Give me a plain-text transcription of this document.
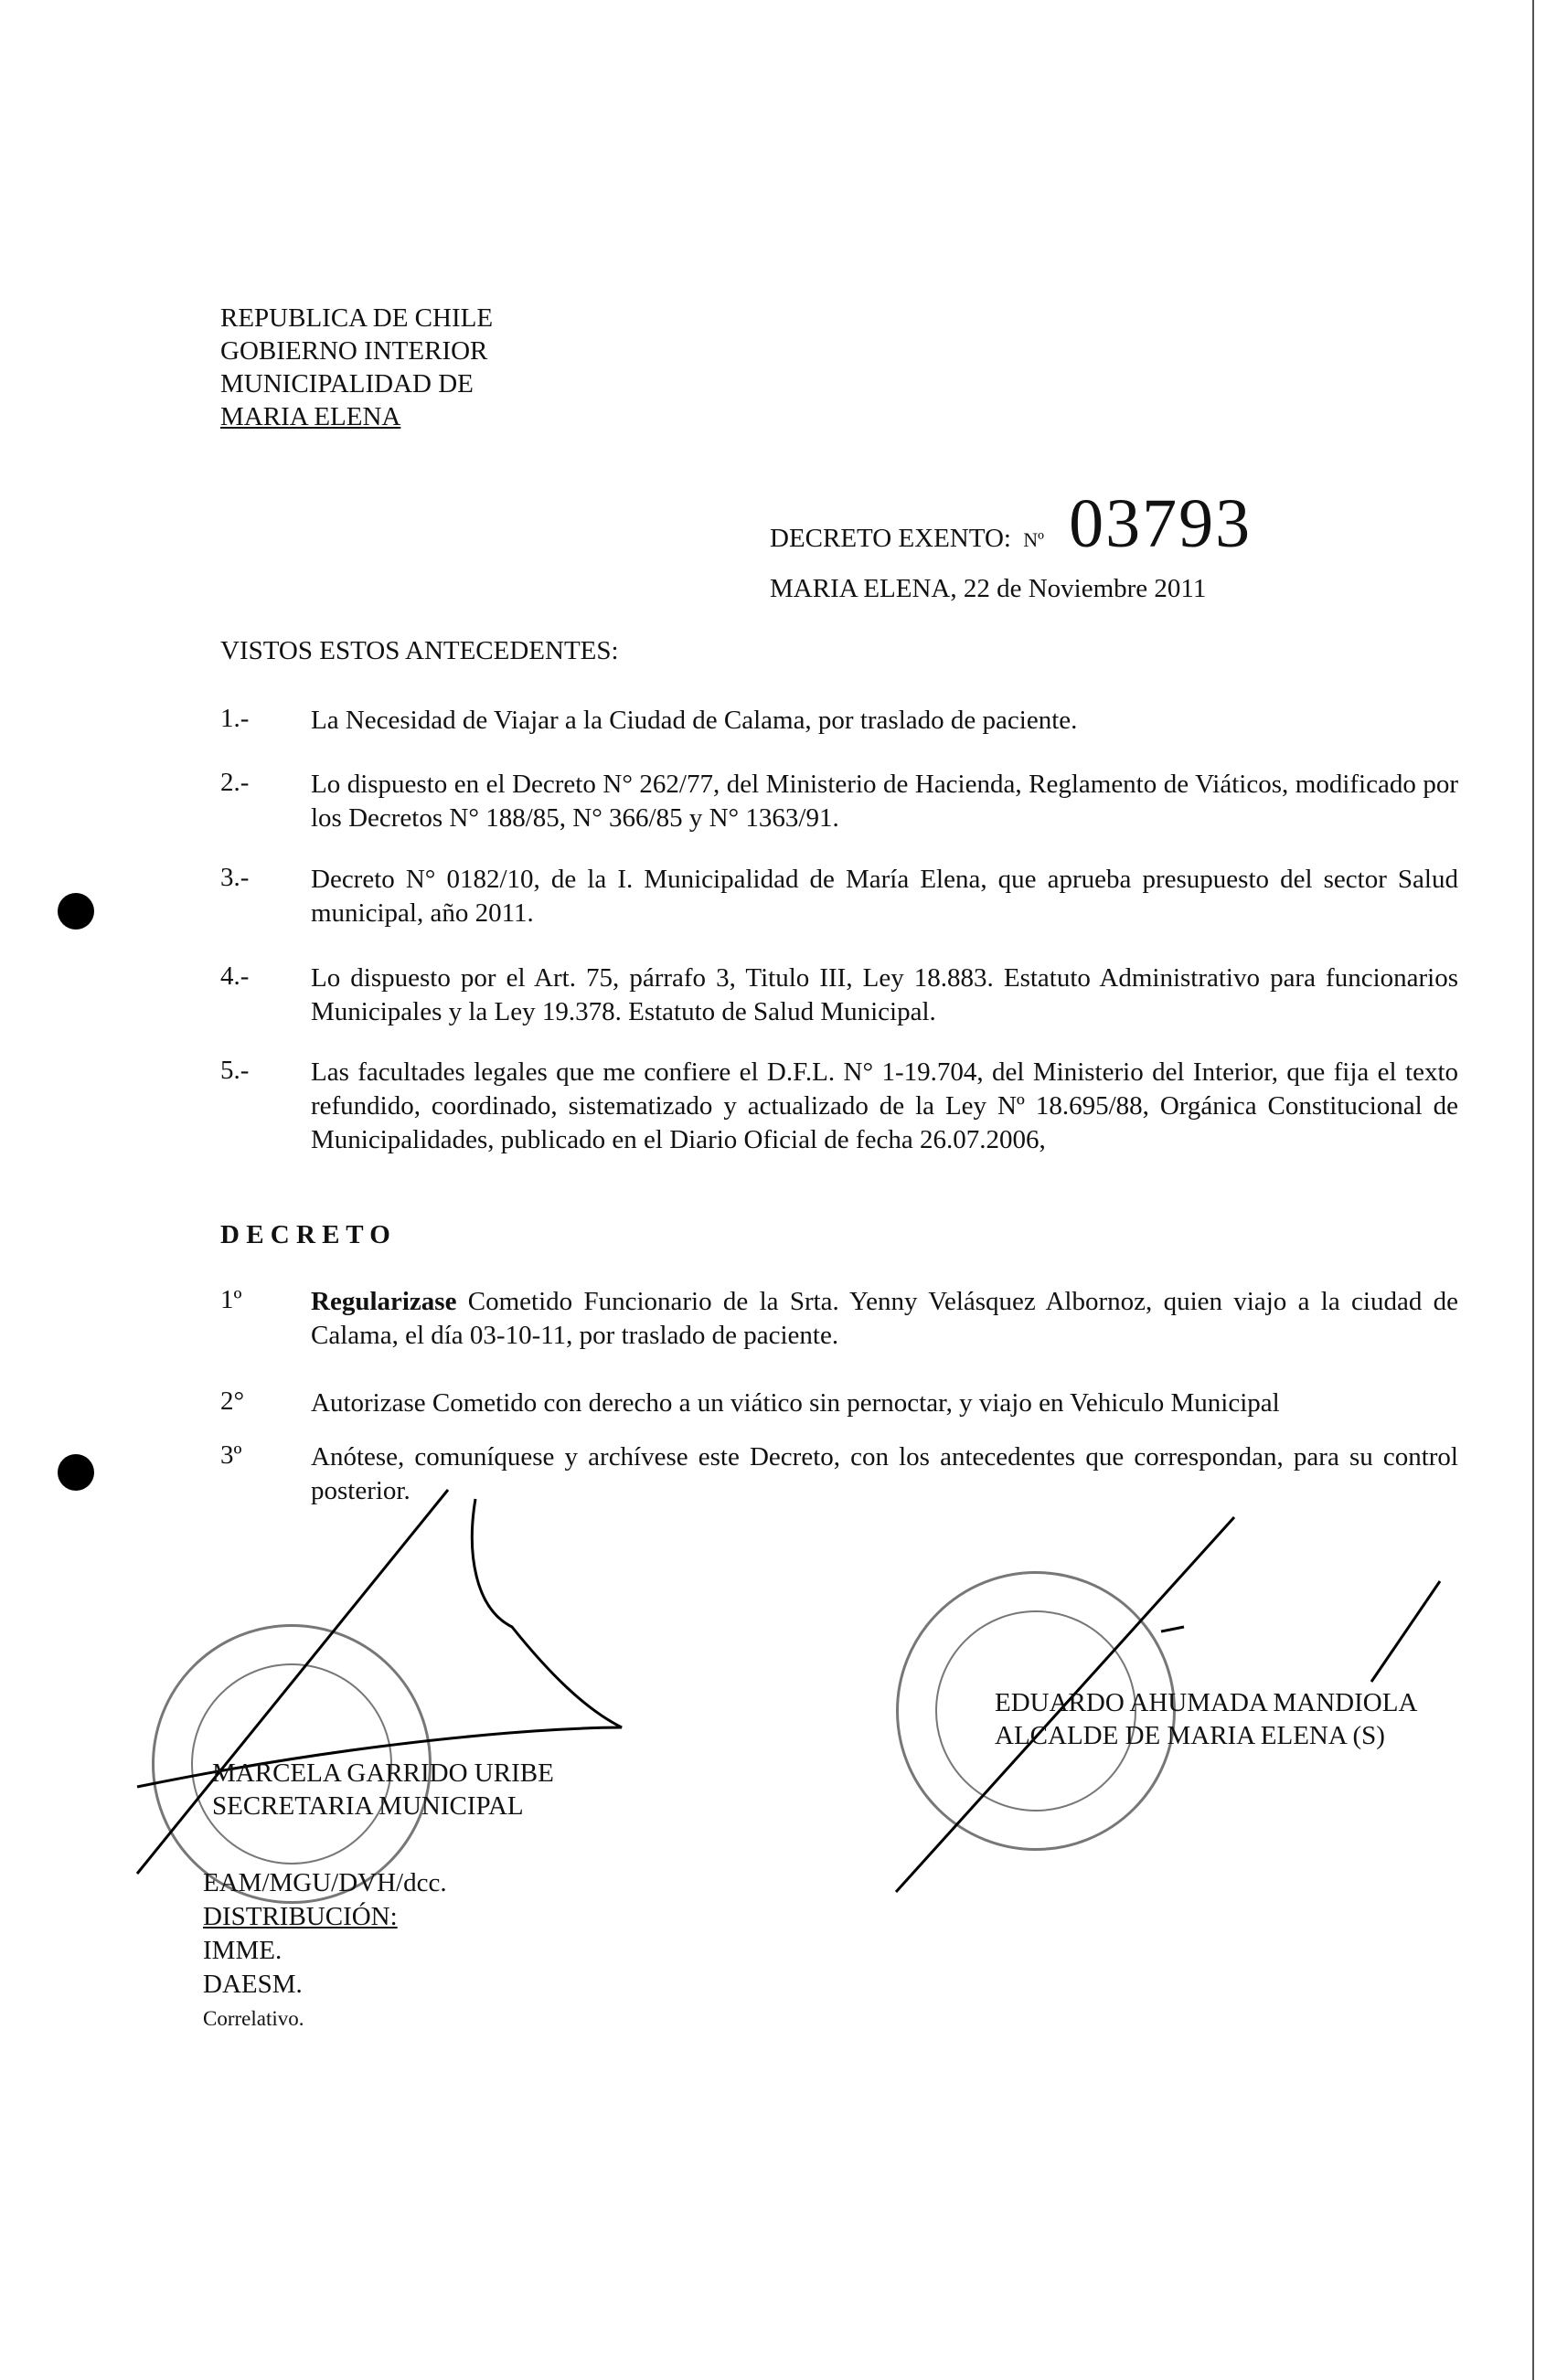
REPUBLICA DE CHILE
GOBIERNO INTERIOR
MUNICIPALIDAD DE
MARIA ELENA
DECRETO EXENTO: Nº 03793
MARIA ELENA, 22 de Noviembre 2011
VISTOS ESTOS ANTECEDENTES:
1.- La Necesidad de Viajar a la Ciudad de Calama, por traslado de paciente.
2.- Lo dispuesto en el Decreto N° 262/77, del Ministerio de Hacienda, Reglamento de Viáticos, modificado por los Decretos N° 188/85, N° 366/85 y N° 1363/91.
3.- Decreto N° 0182/10, de la I. Municipalidad de María Elena, que aprueba presupuesto del sector Salud municipal, año 2011.
4.- Lo dispuesto por el Art. 75, párrafo 3, Titulo III, Ley 18.883. Estatuto Administrativo para funcionarios Municipales y la Ley 19.378. Estatuto de Salud Municipal.
5.- Las facultades legales que me confiere el D.F.L. N° 1-19.704, del Ministerio del Interior, que fija el texto refundido, coordinado, sistematizado y actualizado de la Ley Nº 18.695/88, Orgánica Constitucional de Municipalidades, publicado en el Diario Oficial de fecha 26.07.2006,
D E C R E T O
1º	Regularizase Cometido Funcionario de la Srta. Yenny Velásquez Albornoz, quien viajo a la ciudad de Calama, el día 03-10-11, por traslado de paciente.
2°	Autorizase Cometido con derecho a un viático sin pernoctar, y viajo en Vehiculo Municipal
3º	Anótese, comuníquese y archívese este Decreto, con los antecedentes que correspondan, para su control posterior.
MARCELA GARRIDO URIBE
SECRETARIA MUNICIPAL
EDUARDO AHUMADA MANDIOLA
ALCALDE DE MARIA ELENA (S)
EAM/MGU/DVH/dcc.
DISTRIBUCIÓN:
IMME.
DAESM.
Correlativo.
